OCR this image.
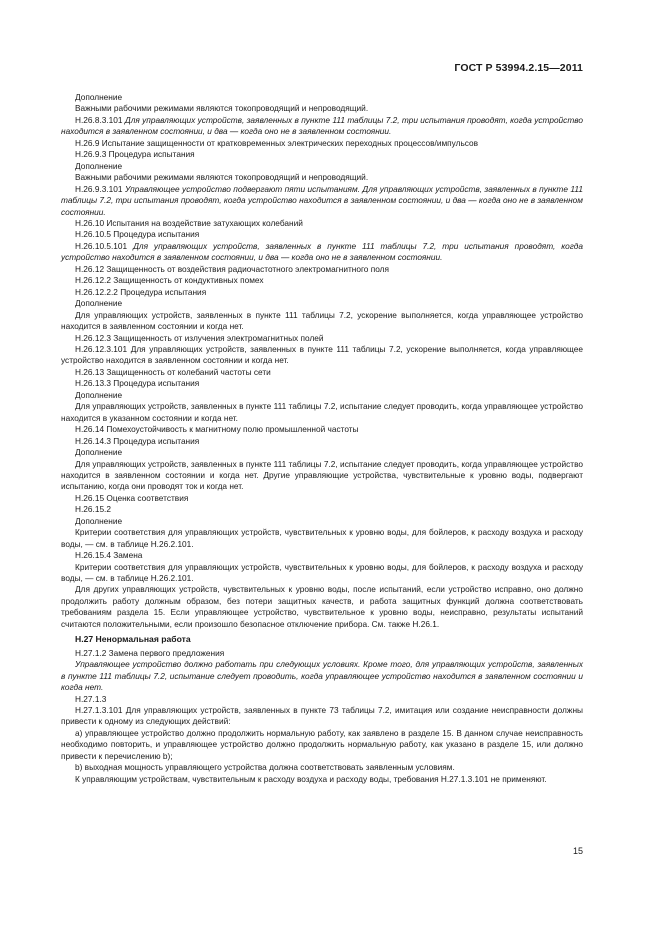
ГОСТ Р 53994.2.15—2011

Дополнение

Важными рабочими режимами являются токопроводящий и непроводящий.

Н.26.8.3.101 Для управляющих устройств, заявленных в пункте 111 таблицы 7.2, три испытания проводят, когда устройство находится в заявленном состоянии, и два — когда оно не в заявленном состоянии.

Н.26.9 Испытание защищенности от кратковременных электрических переходных процессов/импульсов

Н.26.9.3 Процедура испытания

Дополнение

Важными рабочими режимами являются токопроводящий и непроводящий.

Н.26.9.3.101 Управляющее устройство подвергают пяти испытаниям. Для управляющих устройств, заявленных в пункте 111 таблицы 7.2, три испытания проводят, когда устройство находится в заявленном состоянии, и два — когда оно не в заявленном состоянии.

Н.26.10 Испытания на воздействие затухающих колебаний

Н.26.10.5 Процедура испытания

Н.26.10.5.101 Для управляющих устройств, заявленных в пункте 111 таблицы 7.2, три испытания проводят, когда устройство находится в заявленном состоянии, и два — когда оно не в заявленном состоянии.

Н.26.12 Защищенность от воздействия радиочастотного электромагнитного поля

Н.26.12.2 Защищенность от кондуктивных помех

Н.26.12.2.2 Процедура испытания

Дополнение

Для управляющих устройств, заявленных в пункте 111 таблицы 7.2, ускорение выполняется, когда управляющее устройство находится в заявленном состоянии и когда нет.

Н.26.12.3 Защищенность от излучения электромагнитных полей

Н.26.12.3.101 Для управляющих устройств, заявленных в пункте 111 таблицы 7.2, ускорение выполняется, когда управляющее устройство находится в заявленном состоянии и когда нет.

Н.26.13 Защищенность от колебаний частоты сети

Н.26.13.3 Процедура испытания

Дополнение

Для управляющих устройств, заявленных в пункте 111 таблицы 7.2, испытание следует проводить, когда управляющее устройство находится в указанном состоянии и когда нет.

Н.26.14 Помехоустойчивость к магнитному полю промышленной частоты

Н.26.14.3 Процедура испытания

Дополнение

Для управляющих устройств, заявленных в пункте 111 таблицы 7.2, испытание следует проводить, когда управляющее устройство находится в заявленном состоянии и когда нет. Другие управляющие устройства, чувствительные к уровню воды, подвергают испытанию, когда они проводят ток и когда нет.

Н.26.15 Оценка соответствия

Н.26.15.2

Дополнение

Критерии соответствия для управляющих устройств, чувствительных к уровню воды, для бойлеров, к расходу воздуха и расходу воды, — см. в таблице Н.26.2.101.

Н.26.15.4 Замена

Критерии соответствия для управляющих устройств, чувствительных к уровню воды, для бойлеров, к расходу воздуха и расходу воды, — см. в таблице Н.26.2.101.

Для других управляющих устройств, чувствительных к уровню воды, после испытаний, если устройство исправно, оно должно продолжить работу должным образом, без потери защитных качеств, и работа защитных функций должна соответствовать требованиям раздела 15. Если управляющее устройство, чувствительное к уровню воды, неисправно, результаты испытаний считаются положительными, если произошло безопасное отключение прибора. См. также Н.26.1.

Н.27 Ненормальная работа

Н.27.1.2 Замена первого предложения

Управляющее устройство должно работать при следующих условиях. Кроме того, для управляющих устройств, заявленных в пункте 111 таблицы 7.2, испытание следует проводить, когда управляющее устройство находится в заявленном состоянии и когда нет.

Н.27.1.3

Н.27.1.3.101 Для управляющих устройств, заявленных в пункте 73 таблицы 7.2, имитация или создание неисправности должны привести к одному из следующих действий:

a) управляющее устройство должно продолжить нормальную работу, как заявлено в разделе 15. В данном случае неисправность необходимо повторить, и управляющее устройство должно продолжить нормальную работу, как указано в разделе 15, или должно привести к перечислению b);

b) выходная мощность управляющего устройства должна соответствовать заявленным условиям.

К управляющим устройствам, чувствительным к расходу воздуха и расходу воды, требования Н.27.1.3.101 не применяют.

15
